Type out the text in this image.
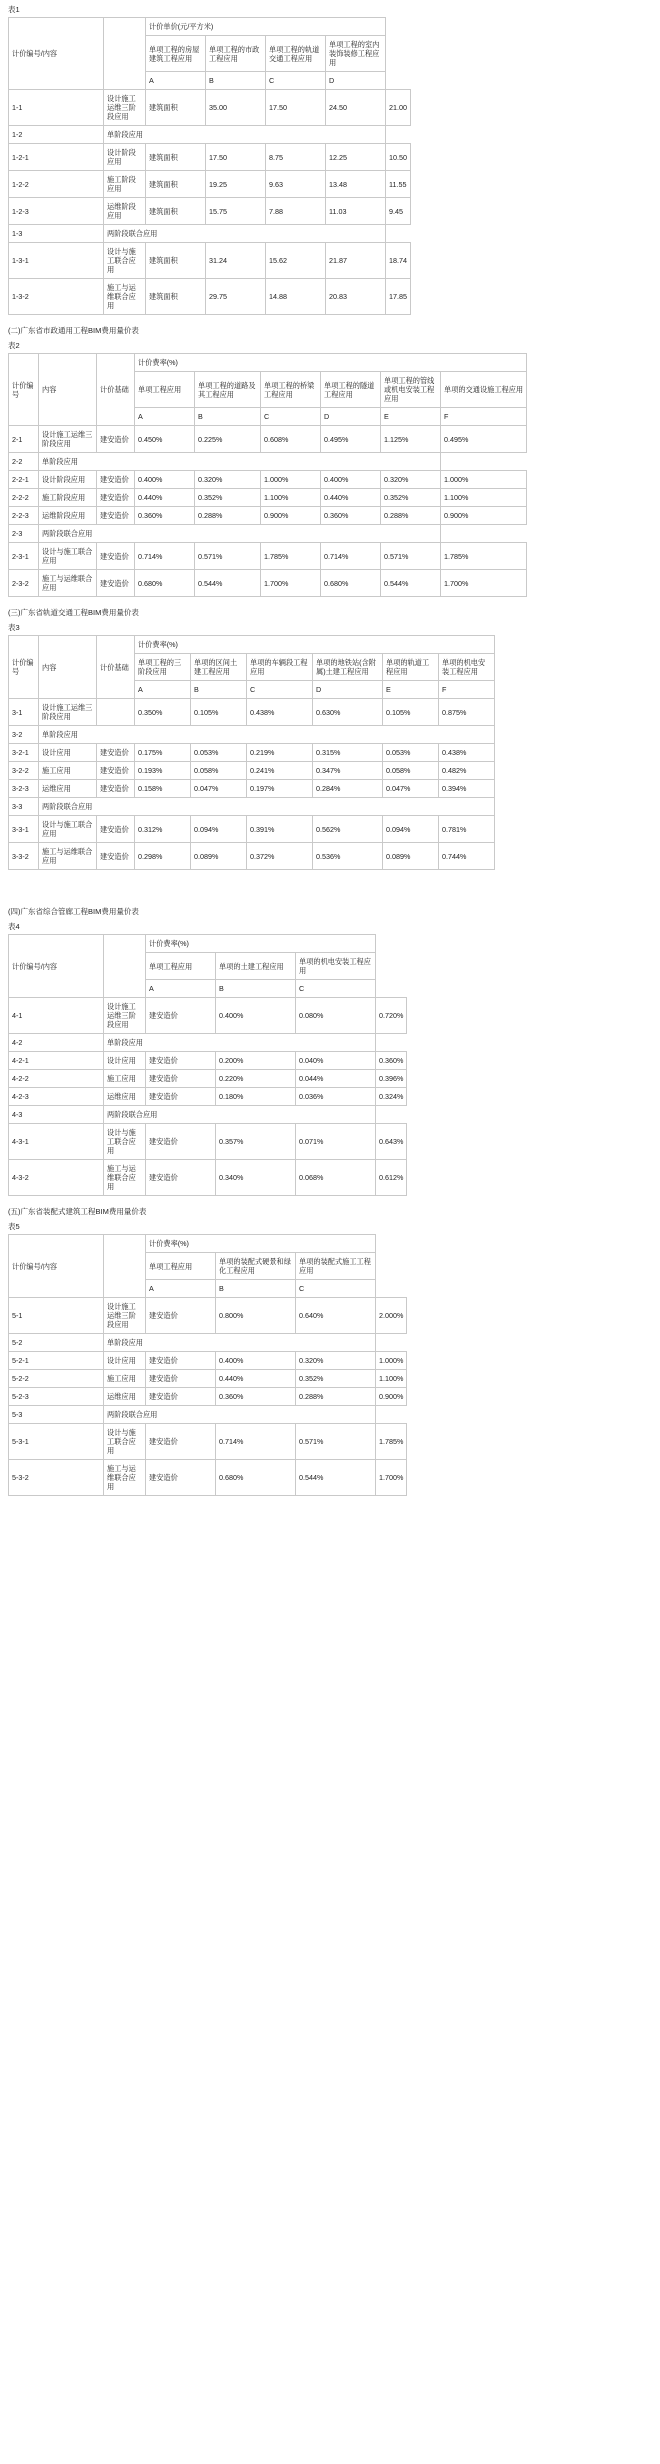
表1
计价编号/内容		计价单价(元/平方米)				
		单项工程的房屋建筑工程应用	单项工程的市政工程应用	单项工程的轨道交通工程应用	单项工程的室内装饰装修工程应用	
		A	B	C	D	
1-1	设计施工运维三阶段应用	建筑面积	35.00	17.50	24.50	21.00
1-2	单阶段应用					
1-2-1	设计阶段应用	建筑面积	17.50	8.75	12.25	10.50
1-2-2	施工阶段应用	建筑面积	19.25	9.63	13.48	11.55
1-2-3	运维阶段应用	建筑面积	15.75	7.88	11.03	9.45
1-3	两阶段联合应用					
1-3-1	设计与施工联合应用	建筑面积	31.24	15.62	21.87	18.74
1-3-2	施工与运维联合应用	建筑面积	29.75	14.88	20.83	17.85
(二)广东省市政通用工程BIM费用量价表
表2
计价编号	内容	计价基础	计价费率(%)					
			单项工程应用	单项工程的道路及其工程应用	单项工程的桥梁工程应用	单项工程的隧道工程应用	单项工程的管线或机电安装工程应用	单项的交通设施工程应用
			A	B	C	D	E	F
2-1	设计施工运维三阶段应用	建安造价	0.450%	0.225%	0.608%	0.495%	1.125%	0.495%
2-2	单阶段应用							
2-2-1	设计阶段应用	建安造价	0.400%	0.320%	1.000%	0.400%	0.320%	1.000%
2-2-2	施工阶段应用	建安造价	0.440%	0.352%	1.100%	0.440%	0.352%	1.100%
2-2-3	运维阶段应用	建安造价	0.360%	0.288%	0.900%	0.360%	0.288%	0.900%
2-3	两阶段联合应用							
2-3-1	设计与施工联合应用	建安造价	0.714%	0.571%	1.785%	0.714%	0.571%	1.785%
2-3-2	施工与运维联合应用	建安造价	0.680%	0.544%	1.700%	0.680%	0.544%	1.700%
(三)广东省轨道交通工程BIM费用量价表
表3
计价编号	内容	计价基础	计价费率(%)					
			单项工程的三阶段应用	单项的区间土建工程应用	单项的车辆段工程应用	单项的地铁站(含附属)土建工程应用	单项的轨道工程应用	单项的机电安装工程应用
			A	B	C	D	E	F
3-1	设计施工运维三阶段应用		0.350%	0.105%	0.438%	0.630%	0.105%	0.875%
3-2	单阶段应用							
3-2-1	设计应用	建安造价	0.175%	0.053%	0.219%	0.315%	0.053%	0.438%
3-2-2	施工应用	建安造价	0.193%	0.058%	0.241%	0.347%	0.058%	0.482%
3-2-3	运维应用	建安造价	0.158%	0.047%	0.197%	0.284%	0.047%	0.394%
3-3	两阶段联合应用							
3-3-1	设计与施工联合应用	建安造价	0.312%	0.094%	0.391%	0.562%	0.094%	0.781%
3-3-2	施工与运维联合应用	建安造价	0.298%	0.089%	0.372%	0.536%	0.089%	0.744%
(四)广东省综合管廊工程BIM费用量价表
表4
计价编号/内容		计价费率(%)			
		单项工程应用	单项的土建工程应用	单项的机电安装工程应用	
		A	B	C	
4-1	设计施工运维三阶段应用	建安造价	0.400%	0.080%	0.720%
4-2	单阶段应用				
4-2-1	设计应用	建安造价	0.200%	0.040%	0.360%
4-2-2	施工应用	建安造价	0.220%	0.044%	0.396%
4-2-3	运维应用	建安造价	0.180%	0.036%	0.324%
4-3	两阶段联合应用				
4-3-1	设计与施工联合应用	建安造价	0.357%	0.071%	0.643%
4-3-2	施工与运维联合应用	建安造价	0.340%	0.068%	0.612%
(五)广东省装配式建筑工程BIM费用量价表
表5
计价编号/内容		计价费率(%)			
		单项工程应用	单项的装配式硬景和绿化工程应用	单项的装配式施工工程应用	
		A	B	C	
5-1	设计施工运维三阶段应用	建安造价	0.800%	0.640%	2.000%
5-2	单阶段应用				
5-2-1	设计应用	建安造价	0.400%	0.320%	1.000%
5-2-2	施工应用	建安造价	0.440%	0.352%	1.100%
5-2-3	运维应用	建安造价	0.360%	0.288%	0.900%
5-3	两阶段联合应用				
5-3-1	设计与施工联合应用	建安造价	0.714%	0.571%	1.785%
5-3-2	施工与运维联合应用	建安造价	0.680%	0.544%	1.700%
